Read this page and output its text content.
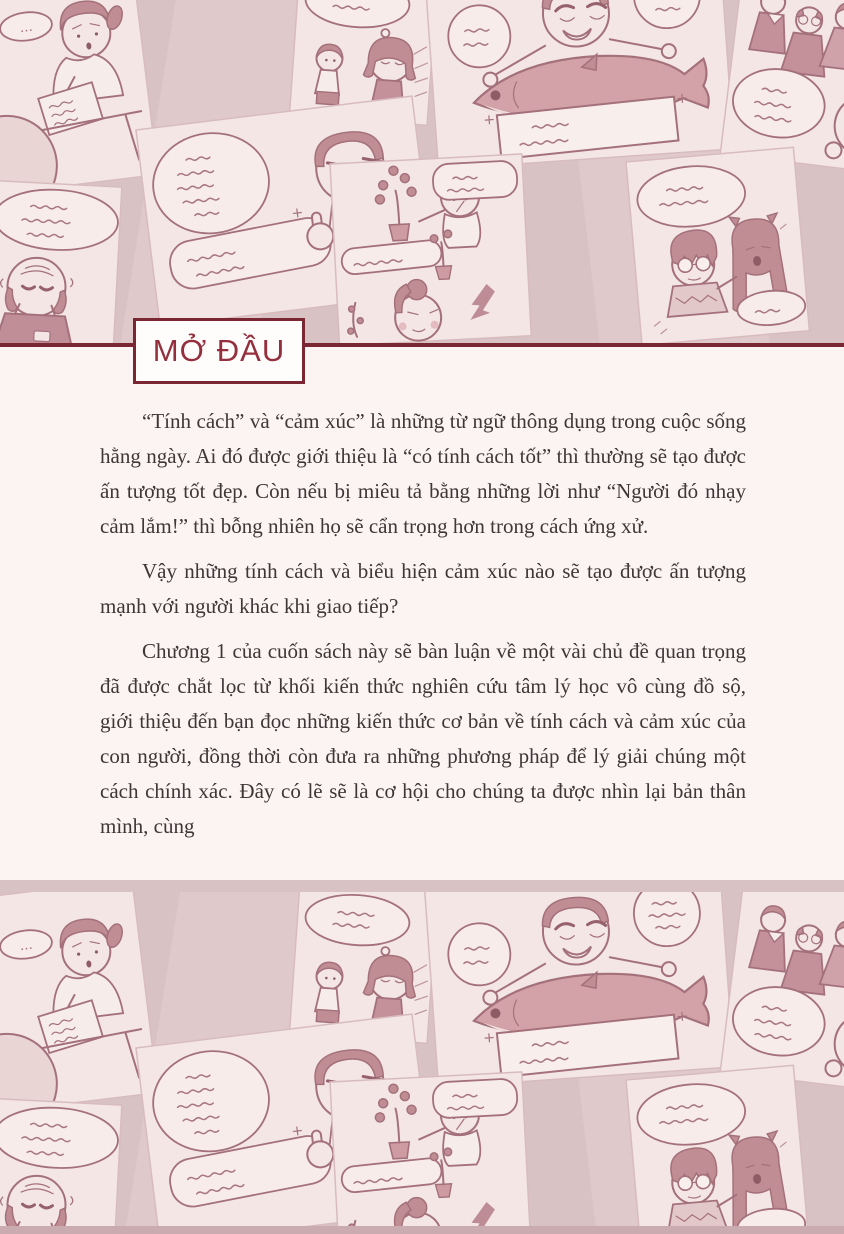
MỞ ĐẦU

“Tính cách” và “cảm xúc” là những từ ngữ thông dụng trong cuộc sống hằng ngày. Ai đó được giới thiệu là “có tính cách tốt” thì thường sẽ tạo được ấn tượng tốt đẹp. Còn nếu bị miêu tả bằng những lời như “Người đó nhạy cảm lắm!” thì bỗng nhiên họ sẽ cẩn trọng hơn trong cách ứng xử.

Vậy những tính cách và biểu hiện cảm xúc nào sẽ tạo được ấn tượng mạnh với người khác khi giao tiếp?

Chương 1 của cuốn sách này sẽ bàn luận về một vài chủ đề quan trọng đã được chắt lọc từ khối kiến thức nghiên cứu tâm lý học vô cùng đồ sộ, giới thiệu đến bạn đọc những kiến thức cơ bản về tính cách và cảm xúc của con người, đồng thời còn đưa ra những phương pháp để lý giải chúng một cách chính xác. Đây có lẽ sẽ là cơ hội cho chúng ta được nhìn lại bản thân mình, cùng
